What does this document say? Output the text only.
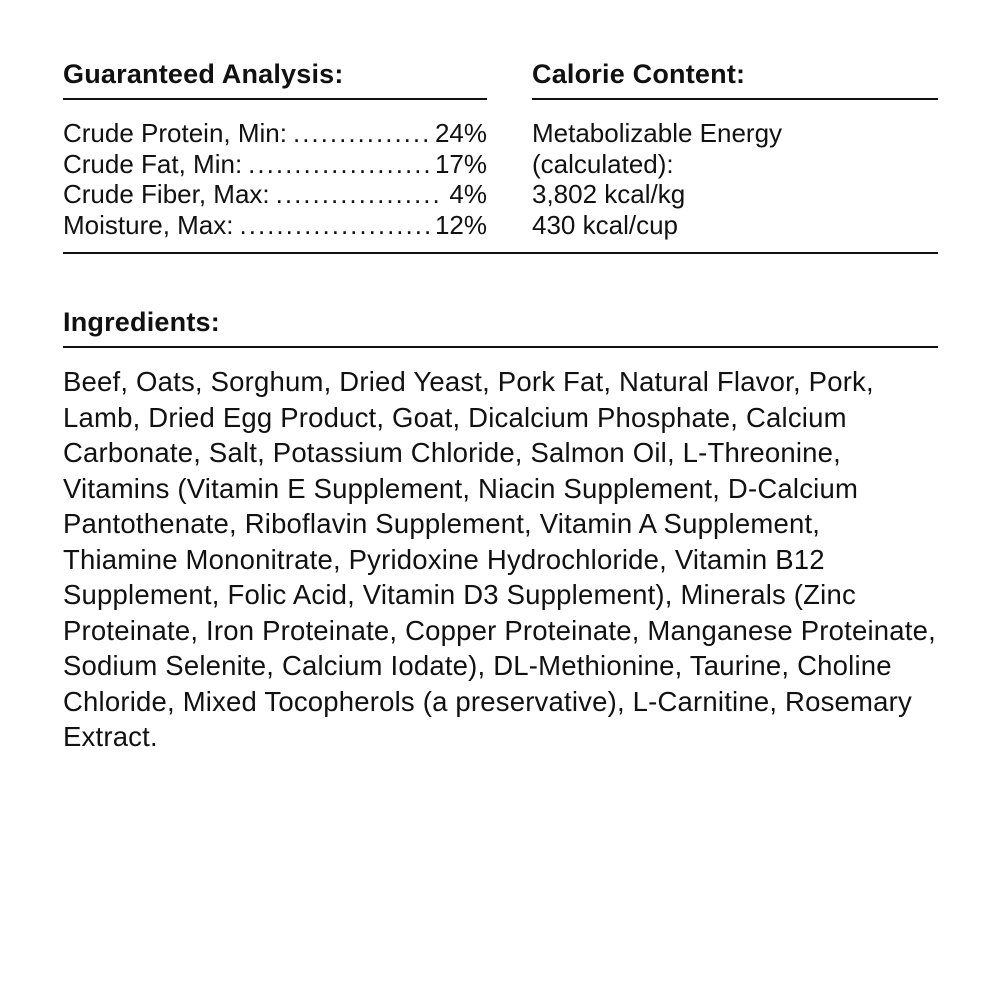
Guaranteed Analysis:
Crude Protein, Min: .....	24%
Crude Fat, Min: .....	17%
Crude Fiber, Max: .....	4%
Moisture, Max: .....	12%
Calorie Content:
Metabolizable Energy
(calculated):
3,802 kcal/kg
430 kcal/cup
Ingredients:
Beef, Oats, Sorghum, Dried Yeast, Pork Fat, Natural Flavor, Pork, Lamb, Dried Egg Product, Goat, Dicalcium Phosphate, Calcium Carbonate, Salt, Potassium Chloride, Salmon Oil, L-Threonine, Vitamins (Vitamin E Supplement, Niacin Supplement, D-Calcium Pantothenate, Riboflavin Supplement, Vitamin A Supplement, Thiamine Mononitrate, Pyridoxine Hydrochloride, Vitamin B12 Supplement, Folic Acid, Vitamin D3 Supplement), Minerals (Zinc Proteinate, Iron Proteinate, Copper Proteinate, Manganese Proteinate, Sodium Selenite, Calcium Iodate), DL-Methionine, Taurine, Choline Chloride, Mixed Tocopherols (a preservative), L-Carnitine, Rosemary Extract.
